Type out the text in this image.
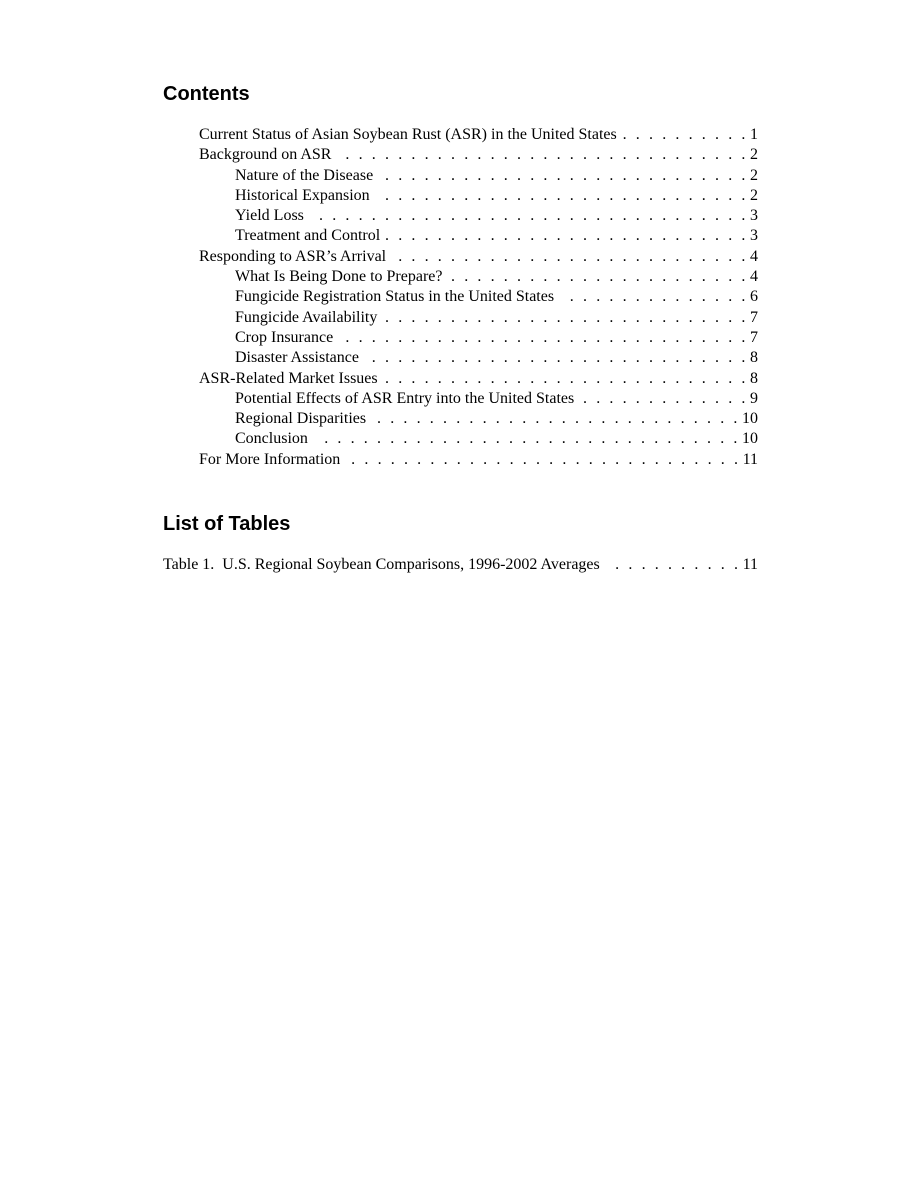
Contents
Current Status of Asian Soybean Rust (ASR) in the United States . . .	1
Background on ASR . . .	2
Nature of the Disease . . .	2
Historical Expansion . . .	2
Yield Loss . . .	3
Treatment and Control . . .	3
Responding to ASR’s Arrival . . .	4
What Is Being Done to Prepare? . . .	4
Fungicide Registration Status in the United States . . .	6
Fungicide Availability . . .	7
Crop Insurance . . .	7
Disaster Assistance . . .	8
ASR-Related Market Issues . . .	8
Potential Effects of ASR Entry into the United States . . .	9
Regional Disparities . . .	10
Conclusion . . .	10
For More Information . . .	11
List of Tables
Table 1.  U.S. Regional Soybean Comparisons, 1996-2002 Averages . . .	11
